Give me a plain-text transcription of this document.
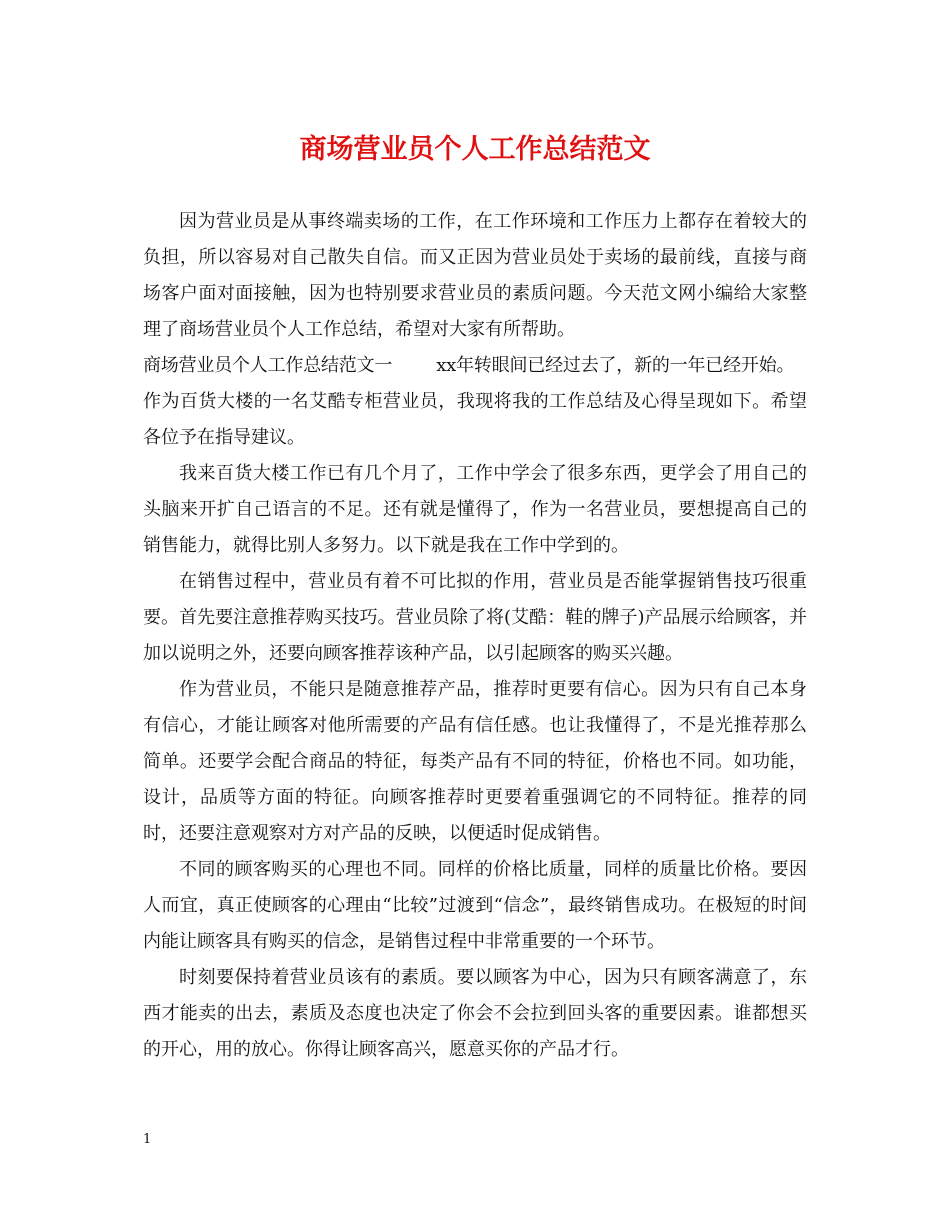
商场营业员个人工作总结范文

因为营业员是从事终端卖场的工作，在工作环境和工作压力上都存在着较大的负担，所以容易对自己散失自信。而又正因为营业员处于卖场的最前线，直接与商场客户面对面接触，因为也特别要求营业员的素质问题。今天范文网小编给大家整理了商场营业员个人工作总结，希望对大家有所帮助。

商场营业员个人工作总结范文一 xx年转眼间已经过去了，新的一年已经开始。

作为百货大楼的一名艾酷专柜营业员，我现将我的工作总结及心得呈现如下。希望各位予在指导建议。

我来百货大楼工作已有几个月了，工作中学会了很多东西，更学会了用自己的头脑来开扩自己语言的不足。还有就是懂得了，作为一名营业员，要想提高自己的销售能力，就得比别人多努力。以下就是我在工作中学到的。

在销售过程中，营业员有着不可比拟的作用，营业员是否能掌握销售技巧很重要。首先要注意推荐购买技巧。营业员除了将(艾酷：鞋的牌子)产品展示给顾客，并加以说明之外，还要向顾客推荐该种产品，以引起顾客的购买兴趣。

作为营业员，不能只是随意推荐产品，推荐时更要有信心。因为只有自己本身有信心，才能让顾客对他所需要的产品有信任感。也让我懂得了，不是光推荐那么简单。还要学会配合商品的特征，每类产品有不同的特征，价格也不同。如功能，设计，品质等方面的特征。向顾客推荐时更要着重强调它的不同特征。推荐的同时，还要注意观察对方对产品的反映，以便适时促成销售。

不同的顾客购买的心理也不同。同样的价格比质量，同样的质量比价格。要因人而宜，真正使顾客的心理由“比较”过渡到“信念”，最终销售成功。在极短的时间内能让顾客具有购买的信念，是销售过程中非常重要的一个环节。

时刻要保持着营业员该有的素质。要以顾客为中心，因为只有顾客满意了，东西才能卖的出去，素质及态度也决定了你会不会拉到回头客的重要因素。谁都想买的开心，用的放心。你得让顾客高兴，愿意买你的产品才行。

1
